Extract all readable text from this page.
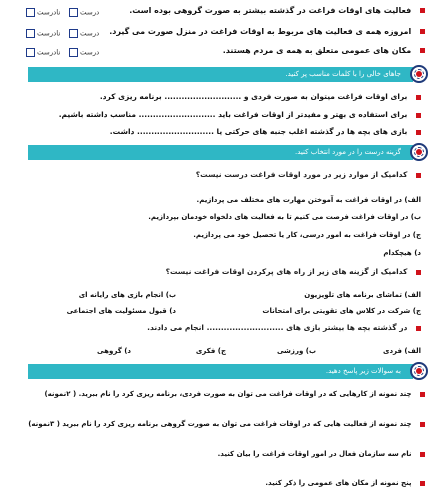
فعالیت های اوقات فراغت در گذشته بیشتر به صورت گروهی بوده است.
درست   نادرست
امروزه همه ی فعالیت های مربوط به اوقات فراغت در منزل صورت می گیرد.
درست   نادرست
مکان های عمومی متعلق به همه ی مردم هستند.
درست   نادرست
جاهای خالی را با کلمات مناسب پر کنید.
برای اوقات فراغت میتوان به صورت فردی و ........................... برنامه ریزی کرد.
برای استفاده ی بهتر و مفیدتر از اوقات فراغت باید ........................... مناسب داشته باشیم.
بازی های بچه ها در گذشته اغلب جنبه های حرکتی یا ........................... داشت.
گزینه درست را در مورد انتخاب کنید.
کدامیک از موارد زیر در مورد اوقات فراغت درست نیست؟
الف) در اوقات فراغت به آموختن مهارت های مختلف می پردازیم.
ب) در اوقات فراغت فرصت می کنیم تا به فعالیت های دلخواه خودمان بپردازیم.
ج) در اوقات فراغت به امور درسی، کار یا تحصیل خود می پردازیم.
د) هیچکدام
کدامیک از گزینه های زیر از راه های پرکردن اوقات فراغت نیست؟
الف) تماشای برنامه های تلویزیون
ب) انجام بازی های رایانه ای
ج) شرکت در کلاس های تقویتی برای امتحانات
د) قبول مسئولیت های اجتماعی
در گذشته بچه ها بیشتر بازی های ........................... انجام می دادند.
الف) فردی
ب) ورزشی
ج) فکری
د) گروهی
به سوالات زیر پاسخ دهید.
چند نمونه از کارهایی که در اوقات فراغت می توان به صورت فردی، برنامه ریزی کرد را نام ببرید. ( ۲نمونه)
چند نمونه از فعالیت هایی که در اوقات فراغت می توان به صورت گروهی برنامه ریزی کرد را نام ببرید ( ۳نمونه)
نام سه سازمان فعال در امور اوقات فراغت را بیان کنید.
پنج نمونه از مکان های عمومی را ذکر کنید.
